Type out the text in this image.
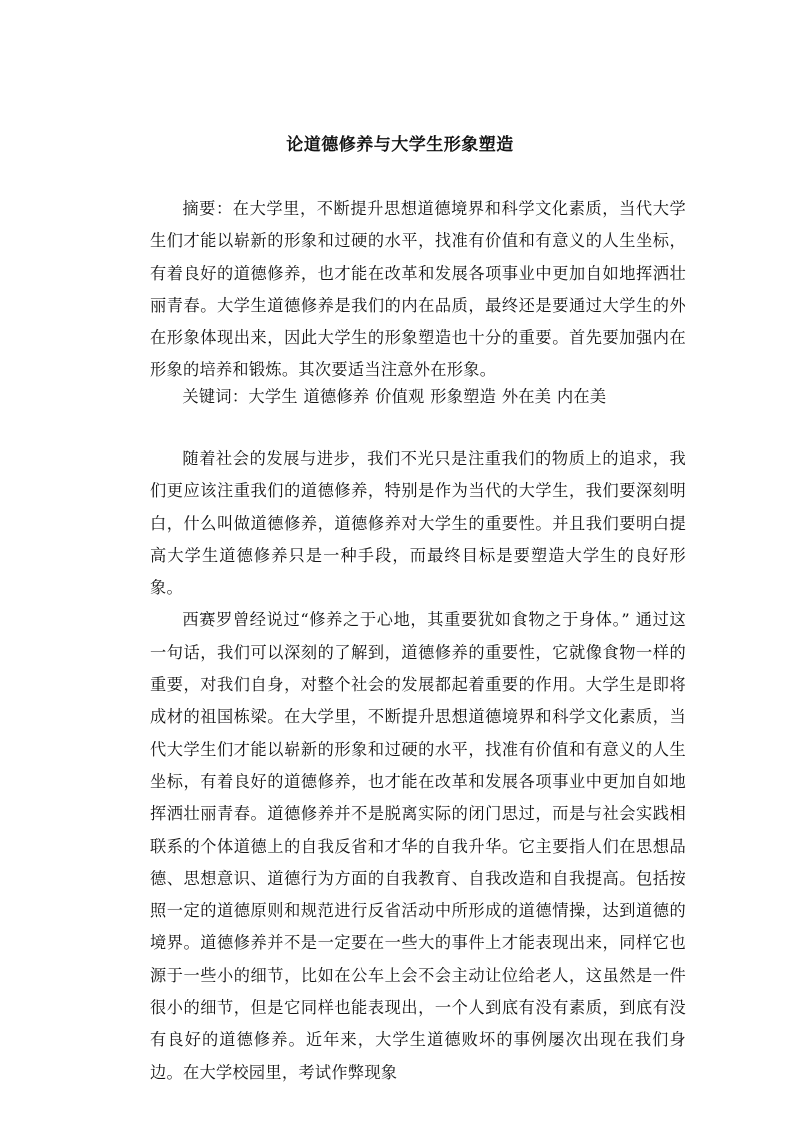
论道德修养与大学生形象塑造

摘要：在大学里，不断提升思想道德境界和科学文化素质，当代大学生们才能以崭新的形象和过硬的水平，找准有价值和有意义的人生坐标，有着良好的道德修养，也才能在改革和发展各项事业中更加自如地挥洒壮丽青春。大学生道德修养是我们的内在品质，最终还是要通过大学生的外在形象体现出来，因此大学生的形象塑造也十分的重要。首先要加强内在形象的培养和锻炼。其次要适当注意外在形象。

关键词：大学生 道德修养 价值观 形象塑造 外在美 内在美

随着社会的发展与进步，我们不光只是注重我们的物质上的追求，我们更应该注重我们的道德修养，特别是作为当代的大学生，我们要深刻明白，什么叫做道德修养，道德修养对大学生的重要性。并且我们要明白提高大学生道德修养只是一种手段，而最终目标是要塑造大学生的良好形象。

西赛罗曾经说过“修养之于心地，其重要犹如食物之于身体。” 通过这一句话，我们可以深刻的了解到，道德修养的重要性，它就像食物一样的重要，对我们自身，对整个社会的发展都起着重要的作用。大学生是即将成材的祖国栋梁。在大学里，不断提升思想道德境界和科学文化素质，当代大学生们才能以崭新的形象和过硬的水平，找准有价值和有意义的人生坐标，有着良好的道德修养，也才能在改革和发展各项事业中更加自如地挥洒壮丽青春。道德修养并不是脱离实际的闭门思过，而是与社会实践相联系的个体道德上的自我反省和才华的自我升华。它主要指人们在思想品德、思想意识、道德行为方面的自我教育、自我改造和自我提高。包括按照一定的道德原则和规范进行反省活动中所形成的道德情操，达到道德的境界。道德修养并不是一定要在一些大的事件上才能表现出来，同样它也源于一些小的细节，比如在公车上会不会主动让位给老人，这虽然是一件很小的细节，但是它同样也能表现出，一个人到底有没有素质，到底有没有良好的道德修养。近年来，大学生道德败坏的事例屡次出现在我们身边。在大学校园里，考试作弊现象
